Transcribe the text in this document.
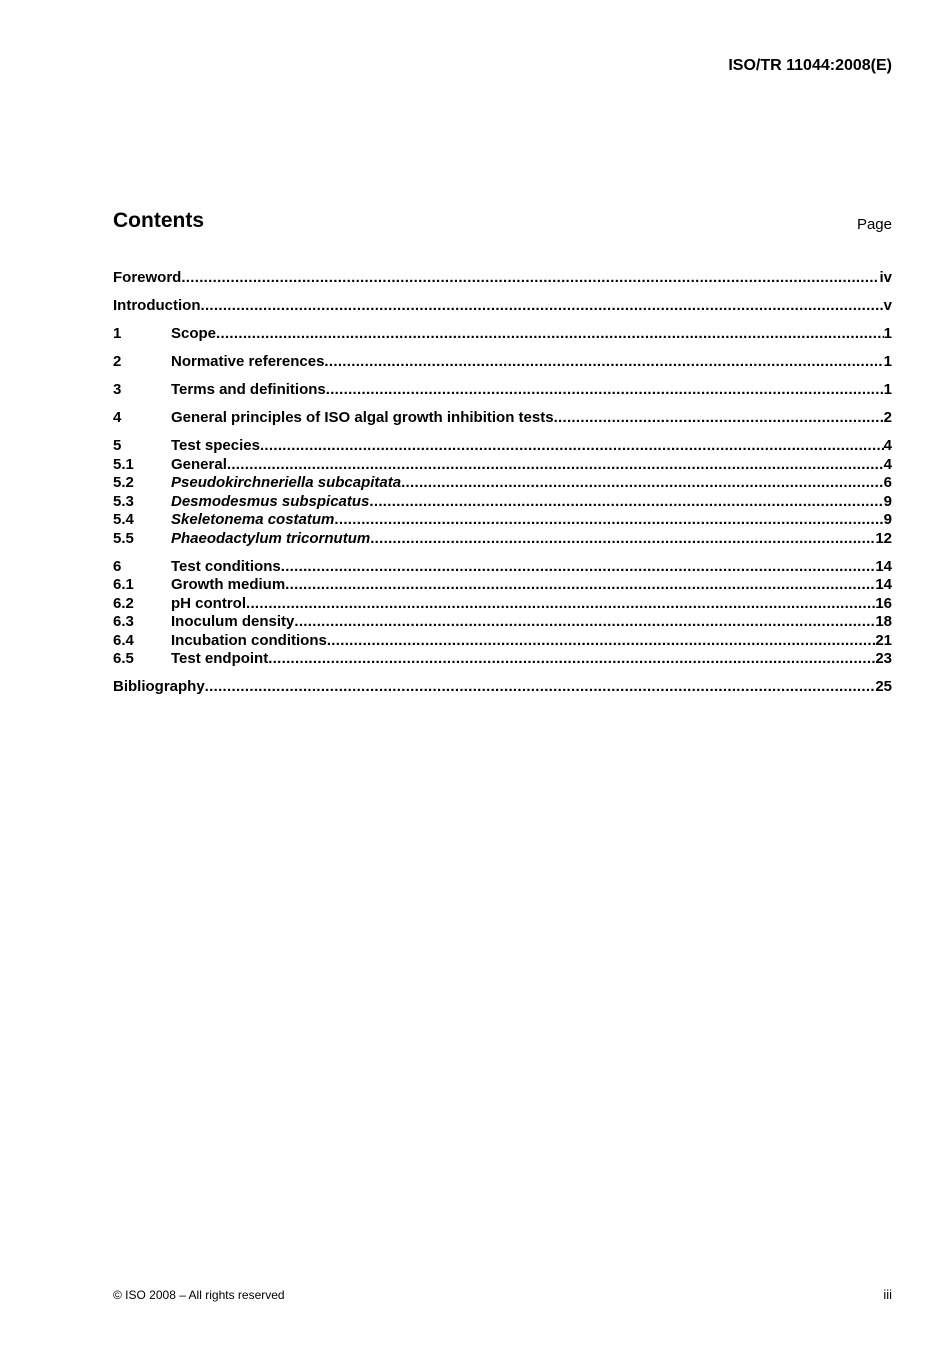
ISO/TR 11044:2008(E)
Contents	Page
Foreword .....	iv
Introduction .....	v
1	Scope .....	1
2	Normative references .....	1
3	Terms and definitions .....	1
4	General principles of ISO algal growth inhibition tests .....	2
5	Test species .....	4
5.1	General .....	4
5.2	Pseudokirchneriella subcapitata .....	6
5.3	Desmodesmus subspicatus .....	9
5.4	Skeletonema costatum .....	9
5.5	Phaeodactylum tricornutum .....	12
6	Test conditions .....	14
6.1	Growth medium .....	14
6.2	pH control .....	16
6.3	Inoculum density .....	18
6.4	Incubation conditions .....	21
6.5	Test endpoint .....	23
Bibliography .....	25
© ISO 2008 – All rights reserved	iii
